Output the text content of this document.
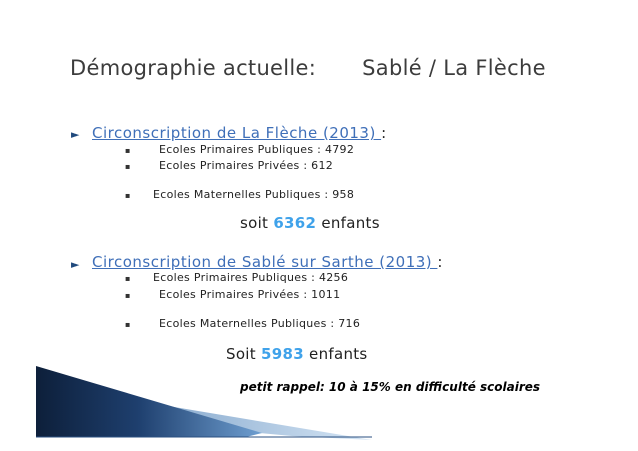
Démographie actuelle: Sablé / La Flèche
► Circonscription de La Flèche (2013) :
▪	Ecoles Primaires Publiques : 4792
▪	Ecoles Primaires Privées : 612
▪ Ecoles Maternelles Publiques : 958
soit 6362 enfants
► Circonscription de Sablé sur Sarthe (2013) :
▪ Ecoles Primaires Publiques : 4256
▪	Ecoles Primaires Privées : 1011
▪	Ecoles Maternelles Publiques : 716
Soit 5983 enfants
petit rappel: 10 à 15% en difficulté scolaires
